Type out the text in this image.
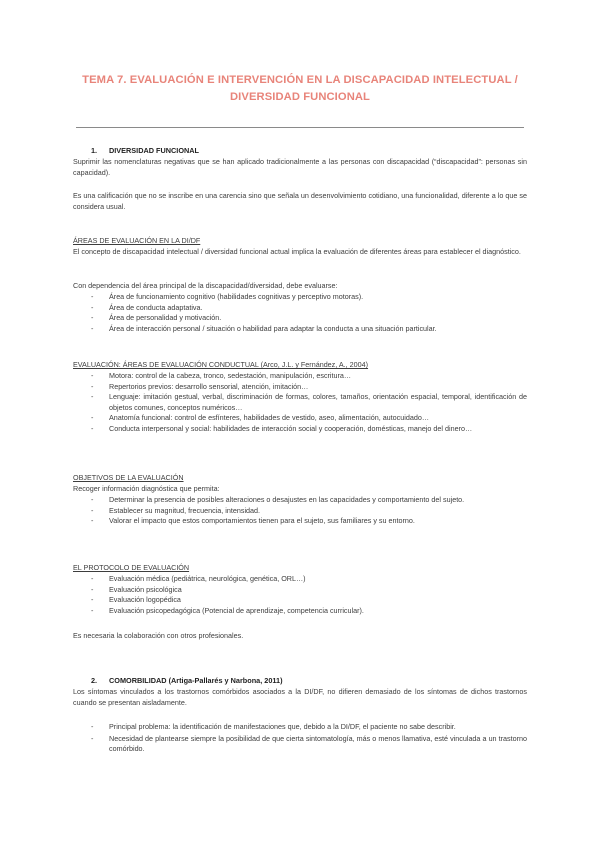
TEMA 7. EVALUACIÓN E INTERVENCIÓN EN LA DISCAPACIDAD INTELECTUAL / DIVERSIDAD FUNCIONAL
1. DIVERSIDAD FUNCIONAL
Suprimir las nomenclaturas negativas que se han aplicado tradicionalmente a las personas con discapacidad (“discapacidad”: personas sin capacidad).
Es una calificación que no se inscribe en una carencia sino que señala un desenvolvimiento cotidiano, una funcionalidad, diferente a lo que se considera usual.
ÁREAS DE EVALUACIÓN EN LA DI/DF
El concepto de discapacidad intelectual / diversidad funcional actual implica la evaluación de diferentes áreas para establecer el diagnóstico.
Con dependencia del área principal de la discapacidad/diversidad, debe evaluarse:
- Área de funcionamiento cognitivo (habilidades cognitivas y perceptivo motoras).
- Área de conducta adaptativa.
- Área de personalidad y motivación.
- Área de interacción personal / situación o habilidad para adaptar la conducta a una situación particular.
EVALUACIÓN: ÁREAS DE EVALUACIÓN CONDUCTUAL (Arco, J.L. y Fernández, A., 2004)
- Motora: control de la cabeza, tronco, sedestación, manipulación, escritura…
- Repertorios previos: desarrollo sensorial, atención, imitación…
- Lenguaje: imitación gestual, verbal, discriminación de formas, colores, tamaños, orientación espacial, temporal, identificación de objetos comunes, conceptos numéricos…
- Anatomía funcional: control de esfínteres, habilidades de vestido, aseo, alimentación, autocuidado…
- Conducta interpersonal y social: habilidades de interacción social y cooperación, domésticas, manejo del dinero…
OBJETIVOS DE LA EVALUACIÓN
Recoger información diagnóstica que permita:
- Determinar la presencia de posibles alteraciones o desajustes en las capacidades y comportamiento del sujeto.
- Establecer su magnitud, frecuencia, intensidad.
- Valorar el impacto que estos comportamientos tienen para el sujeto, sus familiares y su entorno.
EL PROTOCOLO DE EVALUACIÓN
- Evaluación médica (pediátrica, neurológica, genética, ORL…)
- Evaluación psicológica
- Evaluación logopédica
- Evaluación psicopedagógica (Potencial de aprendizaje, competencia curricular).
Es necesaria la colaboración con otros profesionales.
2. COMORBILIDAD (Artiga-Pallarés y Narbona, 2011)
Los síntomas vinculados a los trastornos comórbidos asociados a la DI/DF, no difieren demasiado de los síntomas de dichos trastornos cuando se presentan aisladamente.
- Principal problema: la identificación de manifestaciones que, debido a la DI/DF, el paciente no sabe describir.
- Necesidad de plantearse siempre la posibilidad de que cierta sintomatología, más o menos llamativa, esté vinculada a un trastorno comórbido.
